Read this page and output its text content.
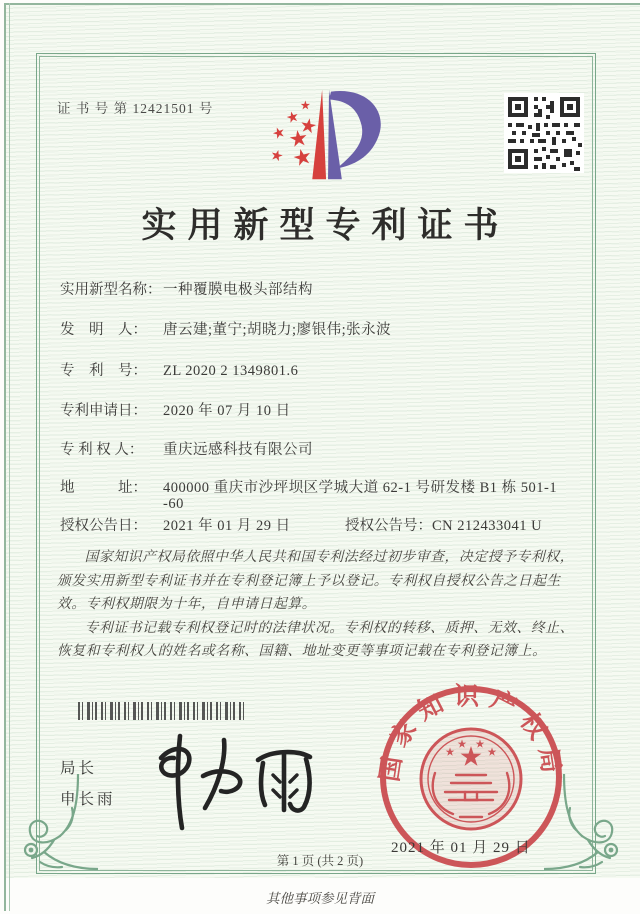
证 书 号 第 12421501 号
实用新型专利证书
实用新型名称： 一种覆膜电极头部结构
发　明　人： 唐云建;董宁;胡晓力;廖银伟;张永波
专　利　号： ZL 2020 2 1349801.6
专利申请日： 2020 年 07 月 10 日
专 利 权 人： 重庆远感科技有限公司
地　　　址： 400000 重庆市沙坪坝区学城大道 62-1 号研发楼 B1 栋 501-1
-60
授权公告日： 2021 年 01 月 29 日	授权公告号：CN 212433041 U

国家知识产权局依照中华人民共和国专利法经过初步审查，决定授予专利权，颁发实用新型专利证书并在专利登记簿上予以登记。专利权自授权公告之日起生效。专利权期限为十年，自申请日起算。

专利证书记载专利权登记时的法律状况。专利权的转移、质押、无效、终止、恢复和专利权人的姓名或名称、国籍、地址变更等事项记载在专利登记簿上。

局长
申长雨
国家知识产权局
2021 年 01 月 29 日
第 1 页 (共 2 页)
其他事项参见背面
